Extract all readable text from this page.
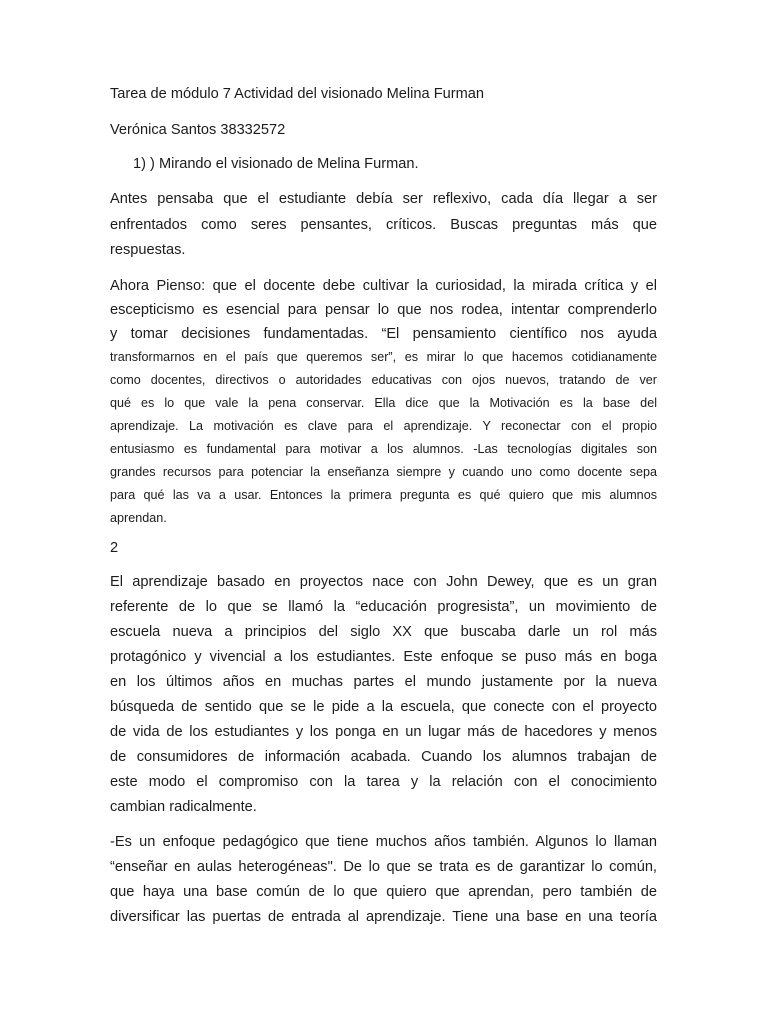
Tarea de módulo 7 Actividad del visionado Melina Furman

Verónica Santos 38332572

1) ) Mirando el visionado de Melina Furman.

Antes pensaba que el estudiante debía ser reflexivo, cada día llegar a ser

enfrentados como seres pensantes, críticos. Buscas preguntas más que

respuestas.

Ahora Pienso: que el docente debe cultivar la curiosidad, la mirada crítica y el

escepticismo es esencial para pensar lo que nos rodea, intentar comprenderlo

y tomar decisiones fundamentadas. “El pensamiento científico nos ayuda

transformarnos en el país que queremos ser”, es mirar lo que hacemos cotidianamente

como docentes, directivos o autoridades educativas con ojos nuevos, tratando de ver

qué es lo que vale la pena conservar. Ella dice que la Motivación es la base del

aprendizaje. La motivación es clave para el aprendizaje. Y reconectar con el propio

entusiasmo es fundamental para motivar a los alumnos. -Las tecnologías digitales son

grandes recursos para potenciar la enseñanza siempre y cuando uno como docente sepa

para qué las va a usar. Entonces la primera pregunta es qué quiero que mis alumnos

aprendan.

2

El aprendizaje basado en proyectos nace con John Dewey, que es un gran

referente de lo que se llamó la “educación progresista”, un movimiento de

escuela nueva a principios del siglo XX que buscaba darle un rol más

protagónico y vivencial a los estudiantes. Este enfoque se puso más en boga

en los últimos años en muchas partes el mundo justamente por la nueva

búsqueda de sentido que se le pide a la escuela, que conecte con el proyecto

de vida de los estudiantes y los ponga en un lugar más de hacedores y menos

de consumidores de información acabada. Cuando los alumnos trabajan de

este modo el compromiso con la tarea y la relación con el conocimiento

cambian radicalmente.

-Es un enfoque pedagógico que tiene muchos años también. Algunos lo llaman

“enseñar en aulas heterogéneas". De lo que se trata es de garantizar lo común,

que haya una base común de lo que quiero que aprendan, pero también de

diversificar las puertas de entrada al aprendizaje. Tiene una base en una teoría
